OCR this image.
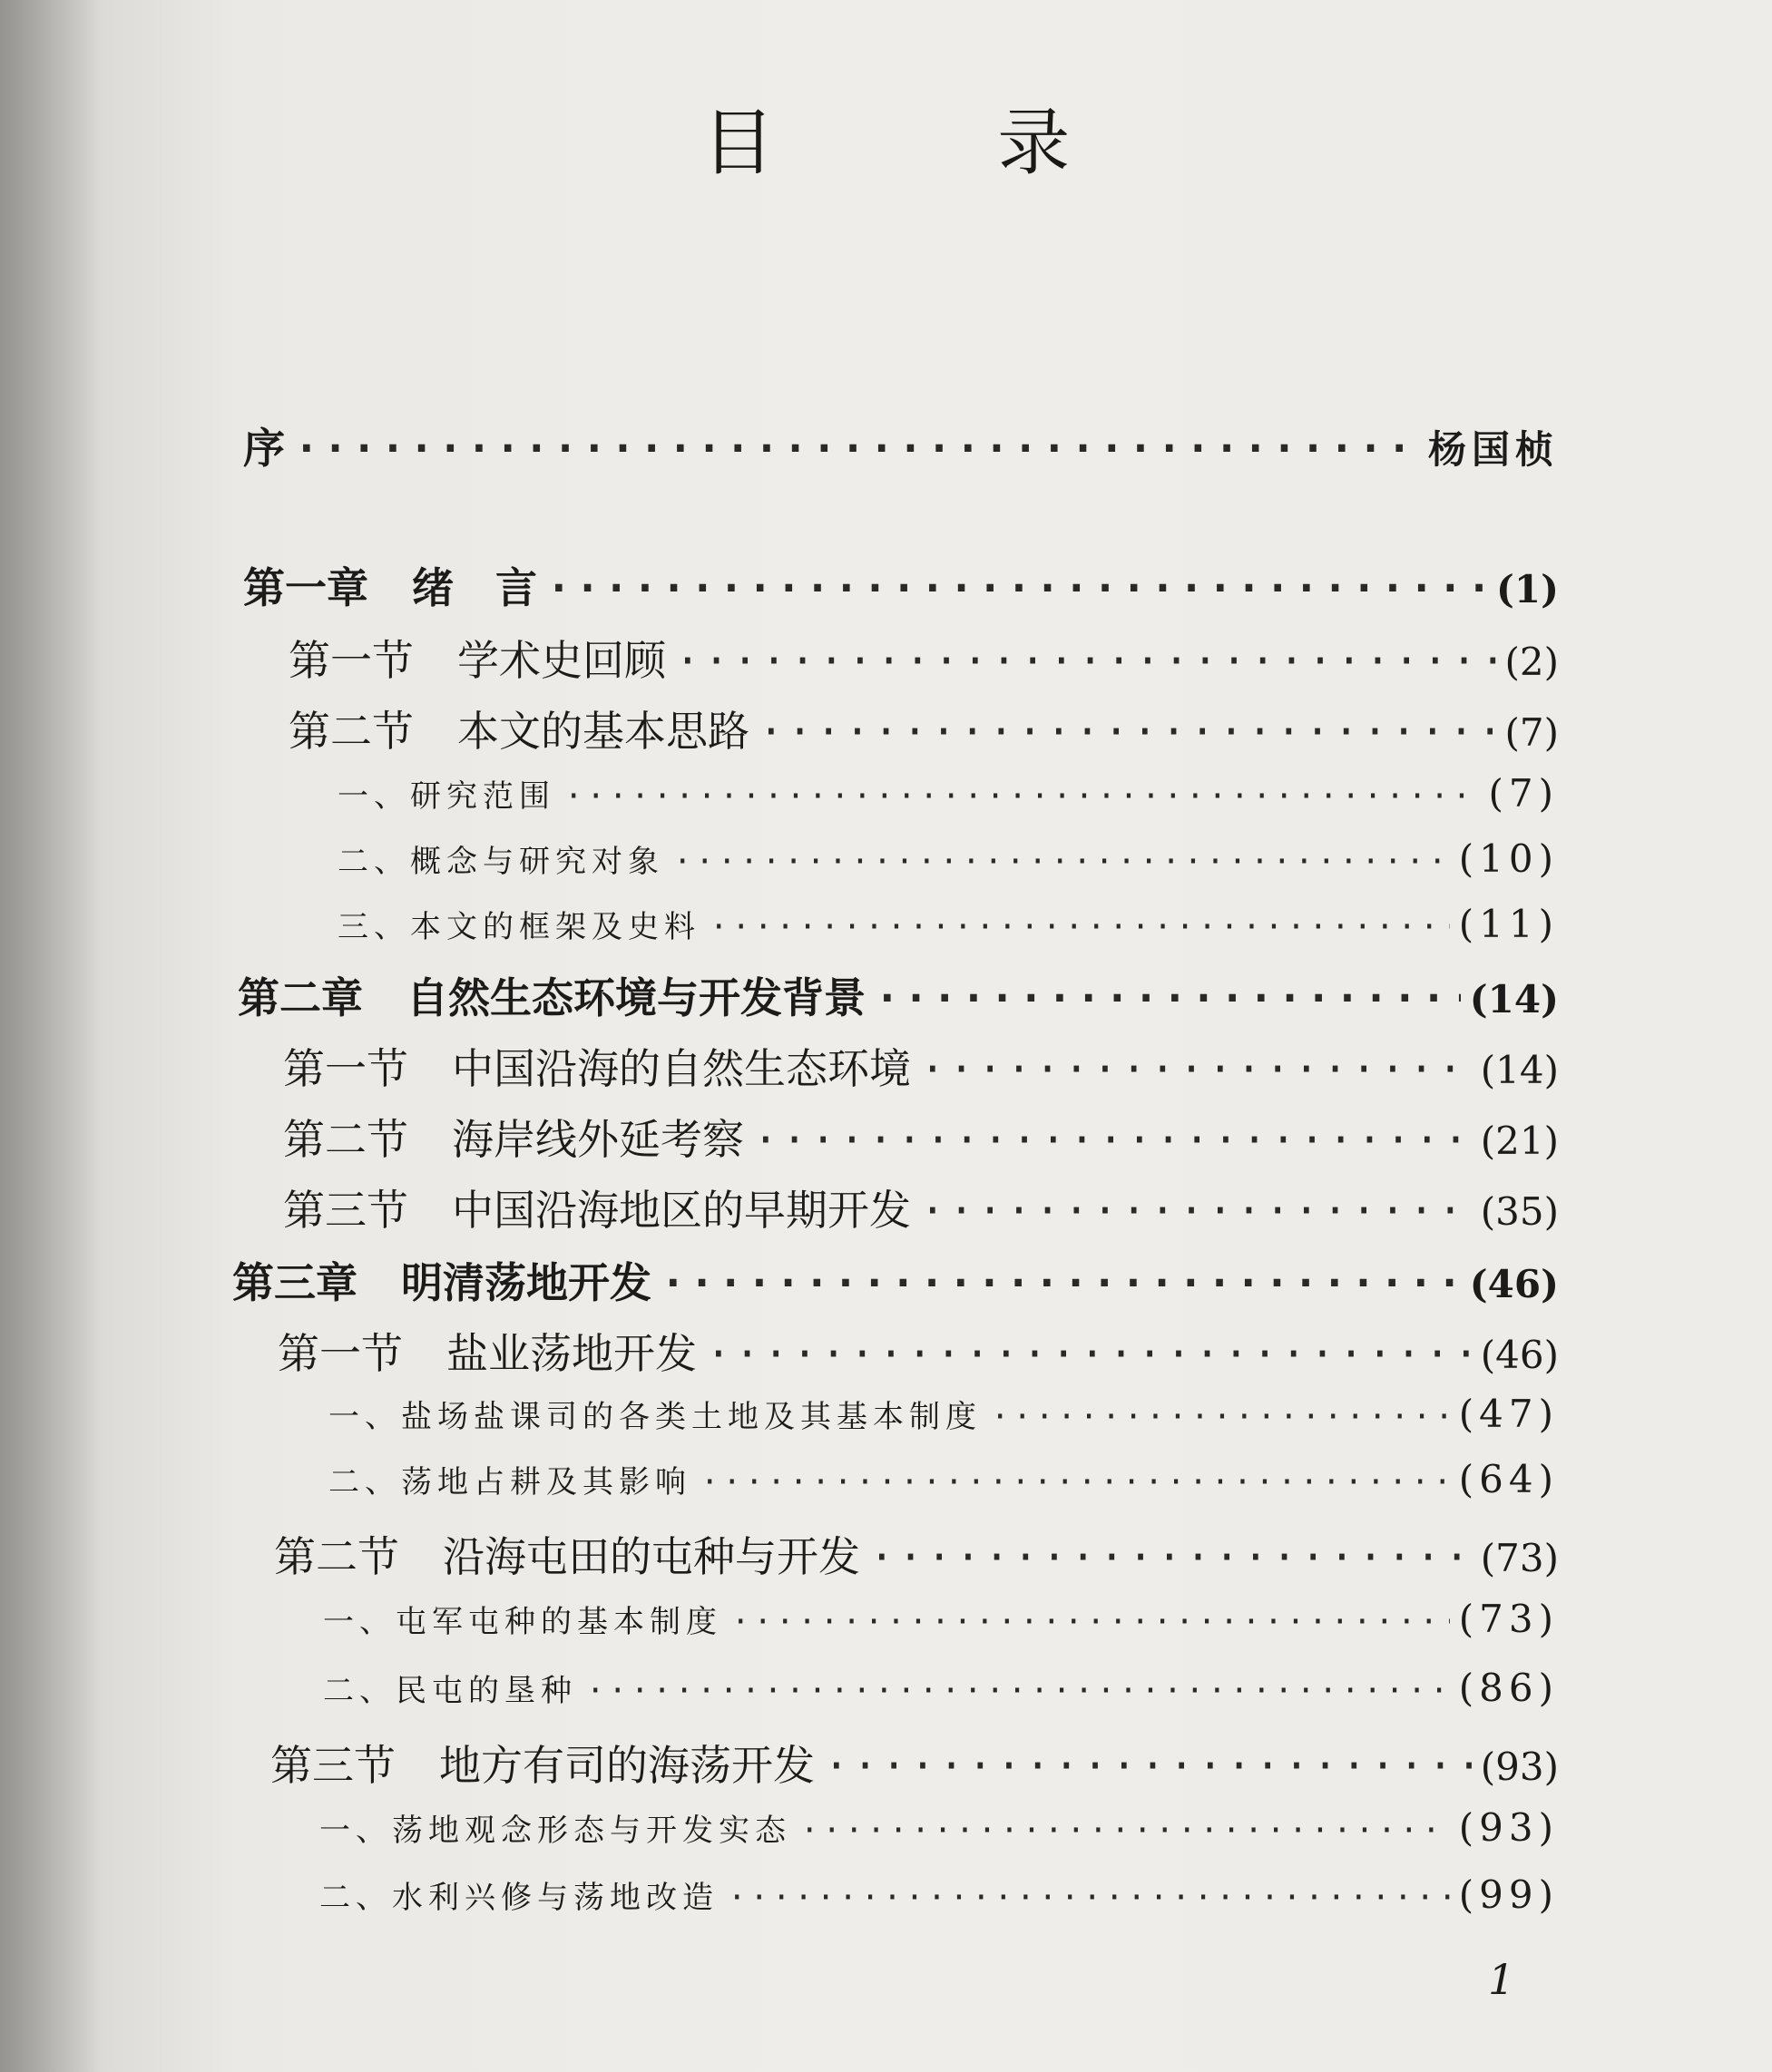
目 录
序 ·····	杨国桢
第一章 绪　言 ·····	(1)
第一节 学术史回顾 ·····	(2)
第二节 本文的基本思路 ·····	(7)
一、研究范围 ·····	(7)
二、概念与研究对象 ·····	(10)
三、本文的框架及史料 ·····	(11)
第二章 自然生态环境与开发背景 ·····	(14)
第一节 中国沿海的自然生态环境 ·····	(14)
第二节 海岸线外延考察 ·····	(21)
第三节 中国沿海地区的早期开发 ·····	(35)
第三章 明清荡地开发 ·····	(46)
第一节 盐业荡地开发 ·····	(46)
一、盐场盐课司的各类土地及其基本制度 ·····	(47)
二、荡地占耕及其影响 ·····	(64)
第二节 沿海屯田的屯种与开发 ·····	(73)
一、屯军屯种的基本制度 ·····	(73)
二、民屯的垦种 ·····	(86)
第三节 地方有司的海荡开发 ·····	(93)
一、荡地观念形态与开发实态 ·····	(93)
二、水利兴修与荡地改造 ·····	(99)
1
